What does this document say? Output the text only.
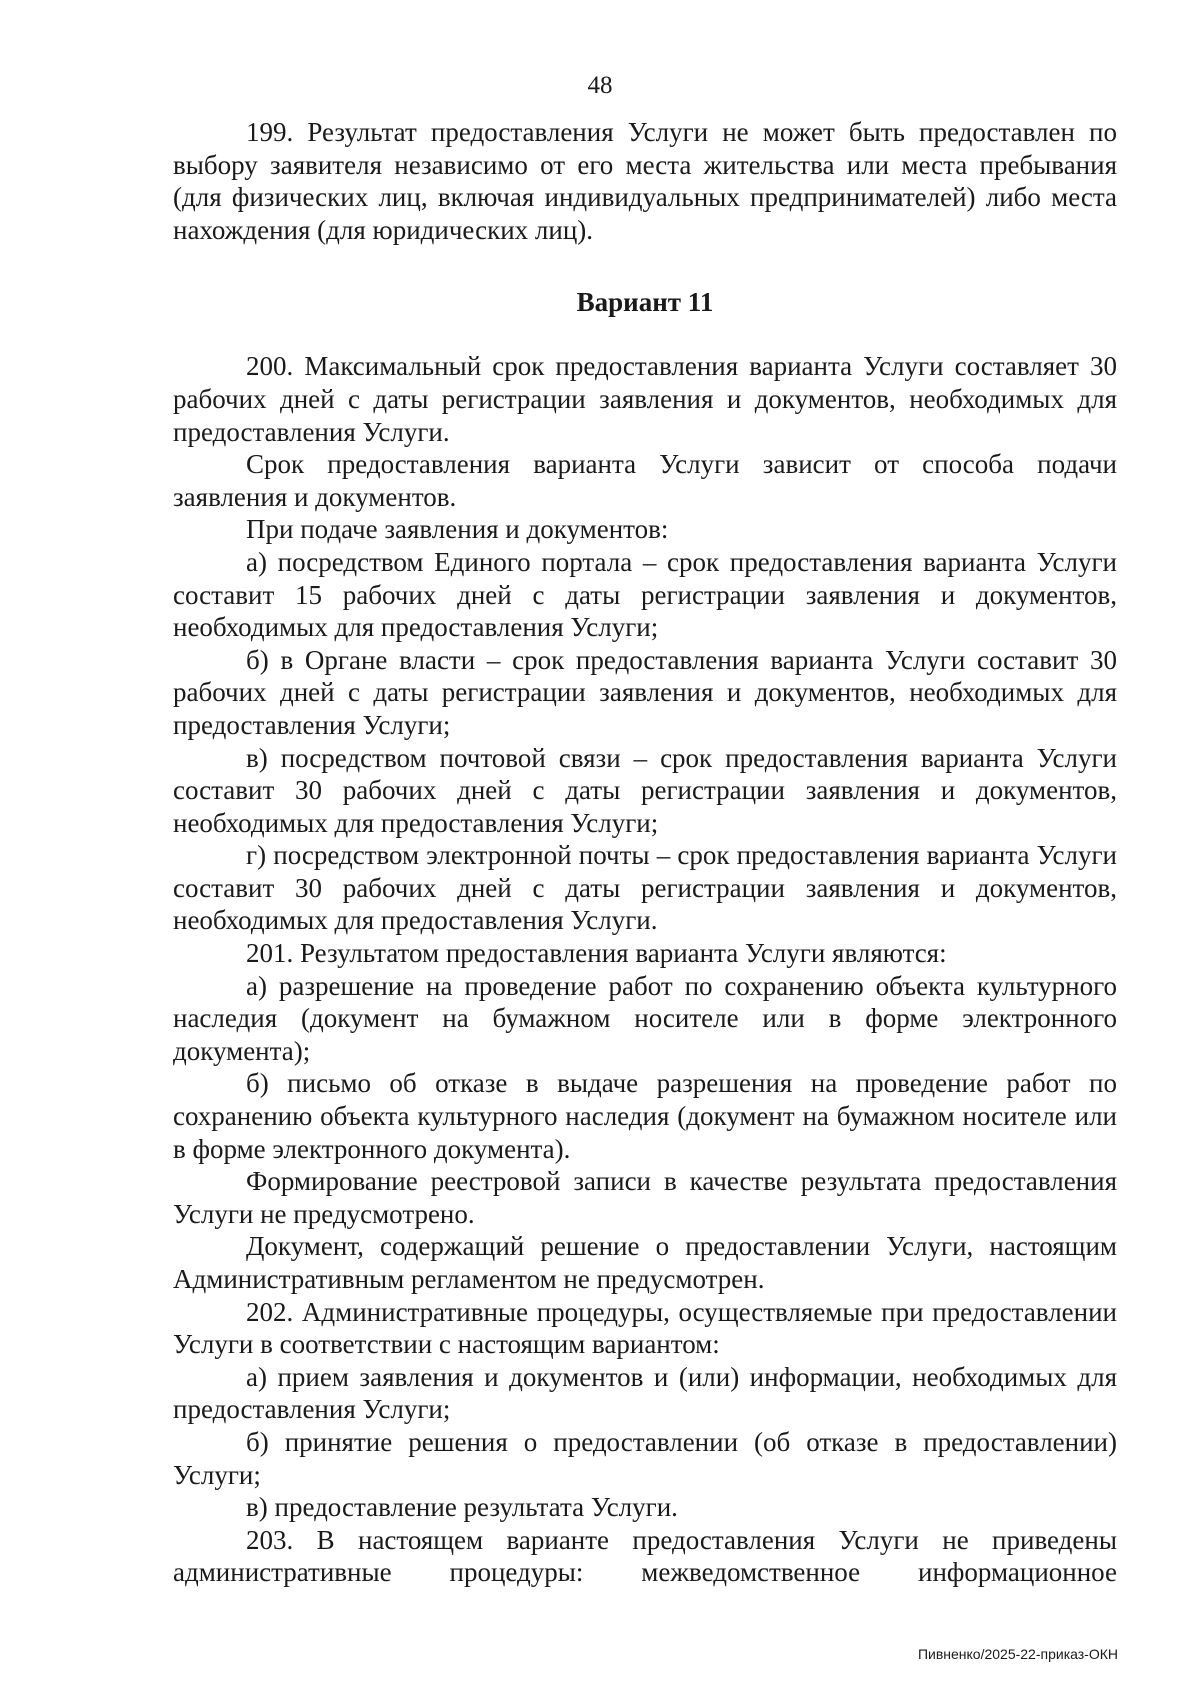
48

199. Результат предоставления Услуги не может быть предоставлен по выбору заявителя независимо от его места жительства или места пребывания (для физических лиц, включая индивидуальных предпринимателей) либо места нахождения (для юридических лиц).

Вариант 11

200. Максимальный срок предоставления варианта Услуги составляет 30 рабочих дней с даты регистрации заявления и документов, необходимых для предоставления Услуги.

Срок предоставления варианта Услуги зависит от способа подачи заявления и документов.

При подаче заявления и документов:

а) посредством Единого портала – срок предоставления варианта Услуги составит 15 рабочих дней с даты регистрации заявления и документов, необходимых для предоставления Услуги;

б) в Органе власти – срок предоставления варианта Услуги составит 30 рабочих дней с даты регистрации заявления и документов, необходимых для предоставления Услуги;

в) посредством почтовой связи – срок предоставления варианта Услуги составит 30 рабочих дней с даты регистрации заявления и документов, необходимых для предоставления Услуги;

г) посредством электронной почты – срок предоставления варианта Услуги составит 30 рабочих дней с даты регистрации заявления и документов, необходимых для предоставления Услуги.

201. Результатом предоставления варианта Услуги являются:

а) разрешение на проведение работ по сохранению объекта культурного наследия (документ на бумажном носителе или в форме электронного документа);

б) письмо об отказе в выдаче разрешения на проведение работ по сохранению объекта культурного наследия (документ на бумажном носителе или в форме электронного документа).

Формирование реестровой записи в качестве результата предоставления Услуги не предусмотрено.

Документ, содержащий решение о предоставлении Услуги, настоящим Административным регламентом не предусмотрен.

202. Административные процедуры, осуществляемые при предоставлении Услуги в соответствии с настоящим вариантом:

а) прием заявления и документов и (или) информации, необходимых для предоставления Услуги;

б) принятие решения о предоставлении (об отказе в предоставлении) Услуги;

в) предоставление результата Услуги.

203. В настоящем варианте предоставления Услуги не приведены административные процедуры: межведомственное информационное

Пивненко/2025-22-приказ-ОКН
